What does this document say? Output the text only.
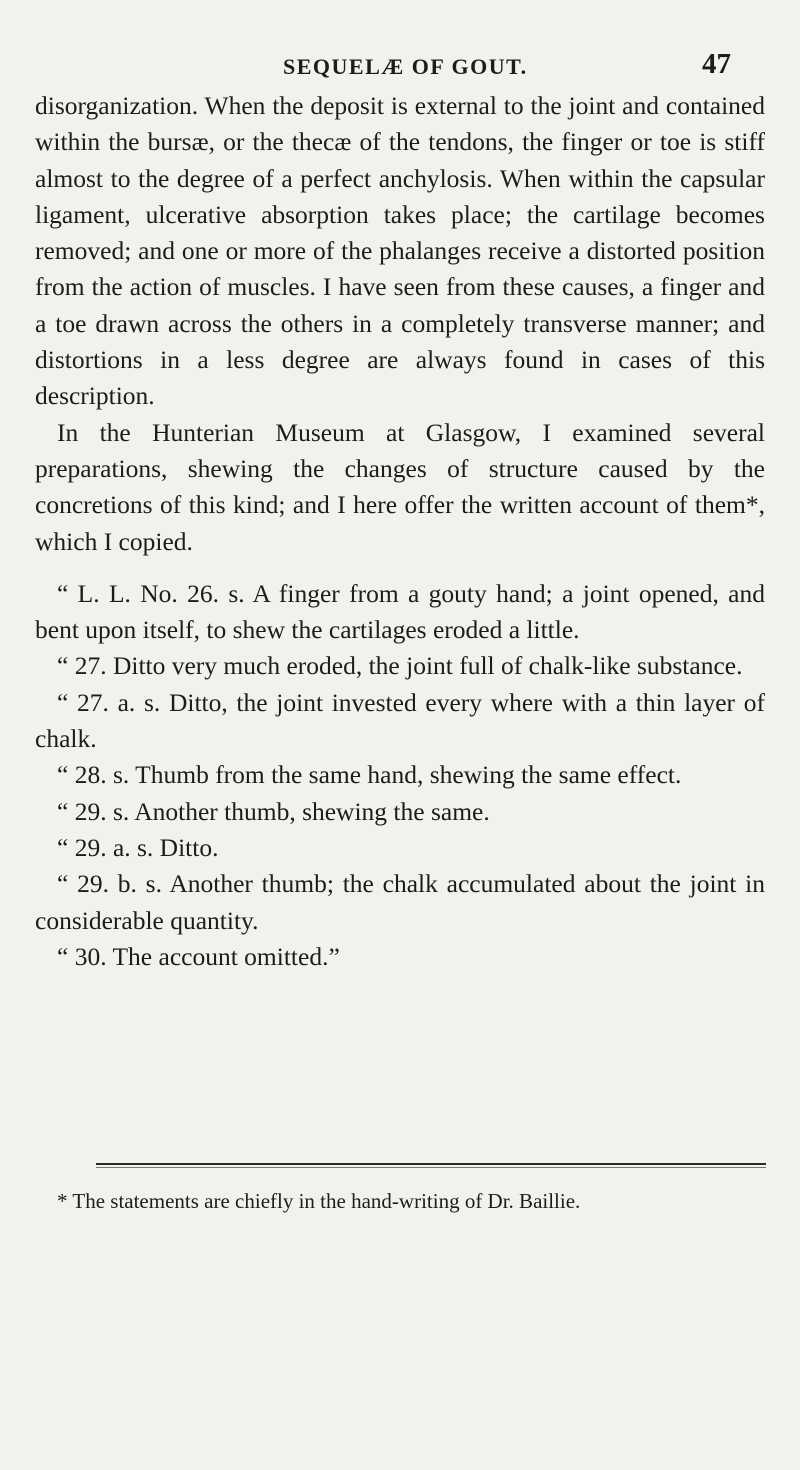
SEQUELÆ OF GOUT.	47

disorganization. When the deposit is external to the joint and contained within the bursæ, or the thecæ of the tendons, the finger or toe is stiff almost to the degree of a perfect anchylosis. When within the capsular ligament, ulcerative absorption takes place; the cartilage becomes removed; and one or more of the phalanges receive a distorted position from the action of muscles. I have seen from these causes, a finger and a toe drawn across the others in a completely transverse manner; and distortions in a less degree are always found in cases of this description.

In the Hunterian Museum at Glasgow, I examined several preparations, shewing the changes of structure caused by the concretions of this kind; and I here offer the written account of them*, which I copied.

“ L. L. No. 26. s. A finger from a gouty hand; a joint opened, and bent upon itself, to shew the cartilages eroded a little.

“ 27. Ditto very much eroded, the joint full of chalk-like substance.

“ 27. a. s. Ditto, the joint invested every where with a thin layer of chalk.

“ 28. s. Thumb from the same hand, shewing the same effect.

“ 29. s. Another thumb, shewing the same.

“ 29. a. s. Ditto.

“ 29. b. s. Another thumb; the chalk accumulated about the joint in considerable quantity.

“ 30. The account omitted.”

* The statements are chiefly in the hand-writing of Dr. Baillie.
